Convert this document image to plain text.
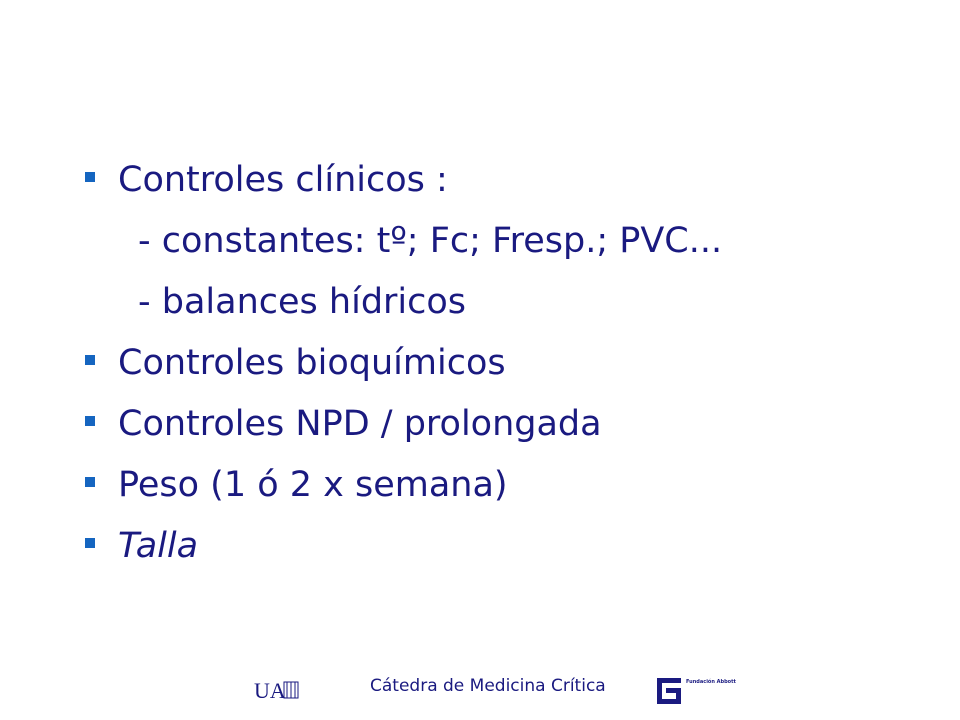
Controles clínicos :
- constantes: tº; Fc; Fresp.; PVC...
- balances hídricos
Controles bioquímicos
Controles NPD / prolongada
Peso (1 ó 2 x semana)
Talla
UA	Cátedra de Medicina Crítica	Fundación Abbott
